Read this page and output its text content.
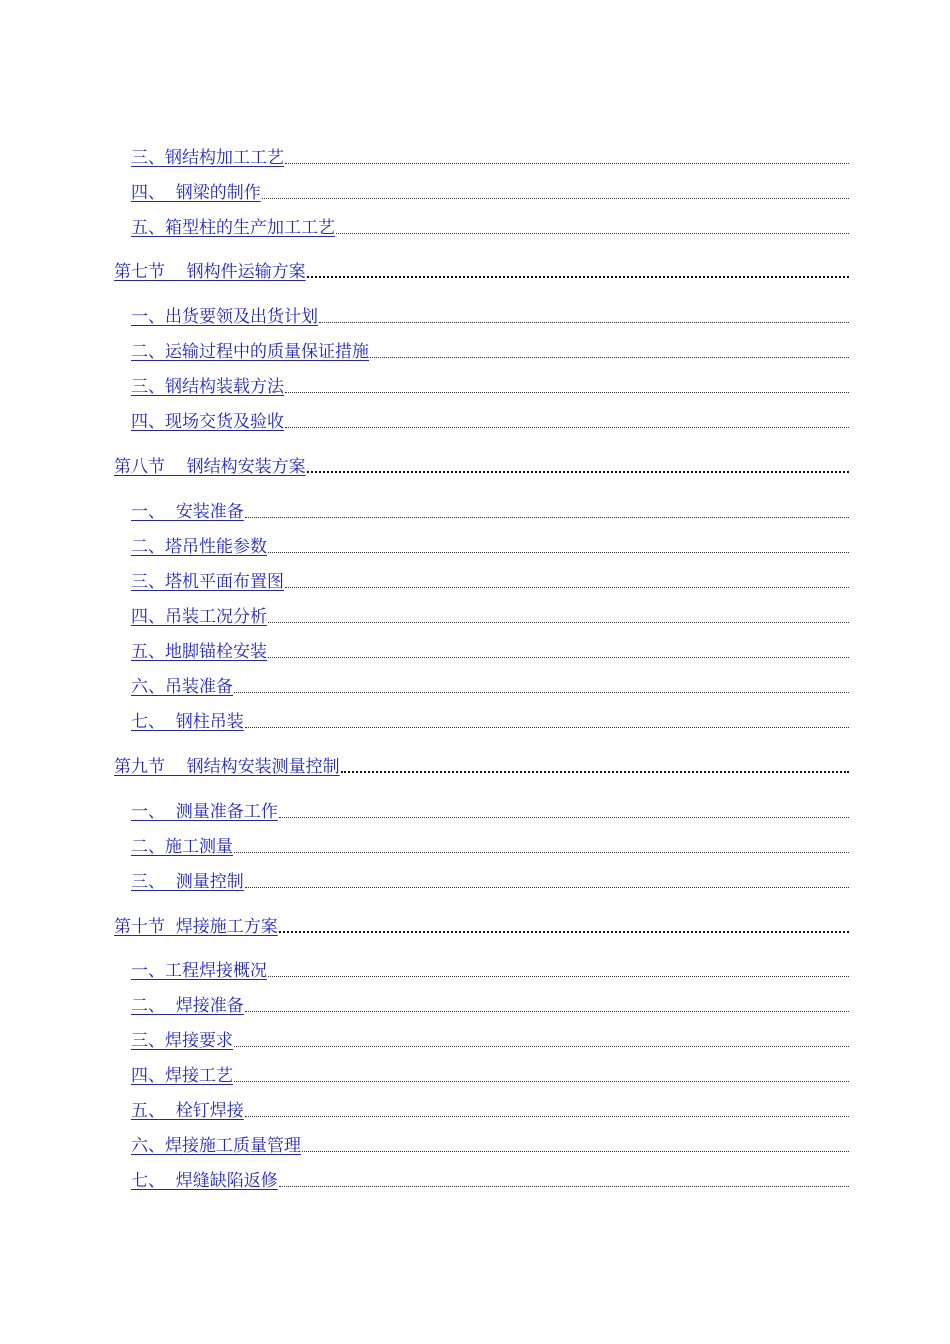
三、钢结构加工工艺
四、  钢梁的制作
五、箱型柱的生产加工工艺
第七节    钢构件运输方案
一、出货要领及出货计划
二、运输过程中的质量保证措施
三、钢结构装载方法
四、现场交货及验收
第八节    钢结构安装方案
一、  安装准备
二、塔吊性能参数
三、塔机平面布置图
四、吊装工况分析
五、地脚锚栓安装
六、吊装准备
七、  钢柱吊装
第九节    钢结构安装测量控制
一、  测量准备工作
二、施工测量
三、  测量控制
第十节  焊接施工方案
一、工程焊接概况
二、  焊接准备
三、焊接要求
四、焊接工艺
五、  栓钉焊接
六、焊接施工质量管理
七、  焊缝缺陷返修
